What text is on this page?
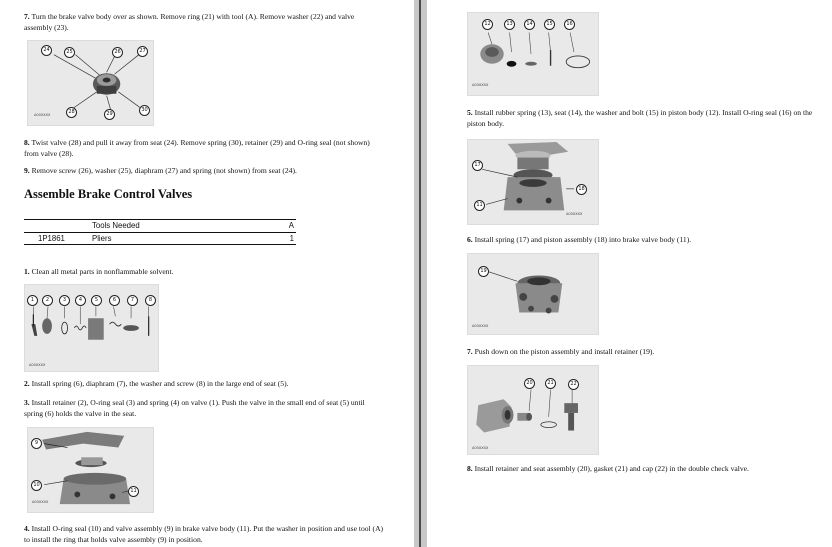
7. Turn the brake valve body over as shown. Remove ring (21) with tool (A). Remove washer (22) and valve assembly (23).

24	25	26	27
28	29
30
A00XXXX

8. Twist valve (28) and pull it away from seat (24). Remove spring (30), retainer (29) and O-ring seal (not shown) from valve (28).

9. Remove screw (26), washer (25), diaphram (27) and spring (not shown) from seat (24).

Assemble Brake Control Valves
	Tools Needed	A
1P1861	Pliers	1

1. Clean all metal parts in nonflammable solvent.

1	2	3	4	5	6	7	8
A00XXXX

2. Install spring (6), diaphram (7), the washer and screw (8) in the large end of seat (5).

3. Install retainer (2), O-ring seal (3) and spring (4) on valve (1). Push the valve in the small end of seat (5) until spring (6) holds the valve in the seat.

9
10
11
A00XXXX

4. Install O-ring seal (10) and valve assembly (9) in brake valve body (11). Put the washer in position and use tool (A) to install the ring that holds valve assembly (9) in position.

12	13	14	15	16
A00XXXX

5. Install rubber spring (13), seat (14), the washer and bolt (15) in piston body (12). Install O-ring seal (16) on the piston body.

17
18
11
A00XXXX

6. Install spring (17) and piston assembly (18) into brake valve body (11).

19
A00XXXX

7. Push down on the piston assembly and install retainer (19).

20	21	22
A00XXXX

8. Install retainer and seat assembly (20), gasket (21) and cap (22) in the double check valve.
